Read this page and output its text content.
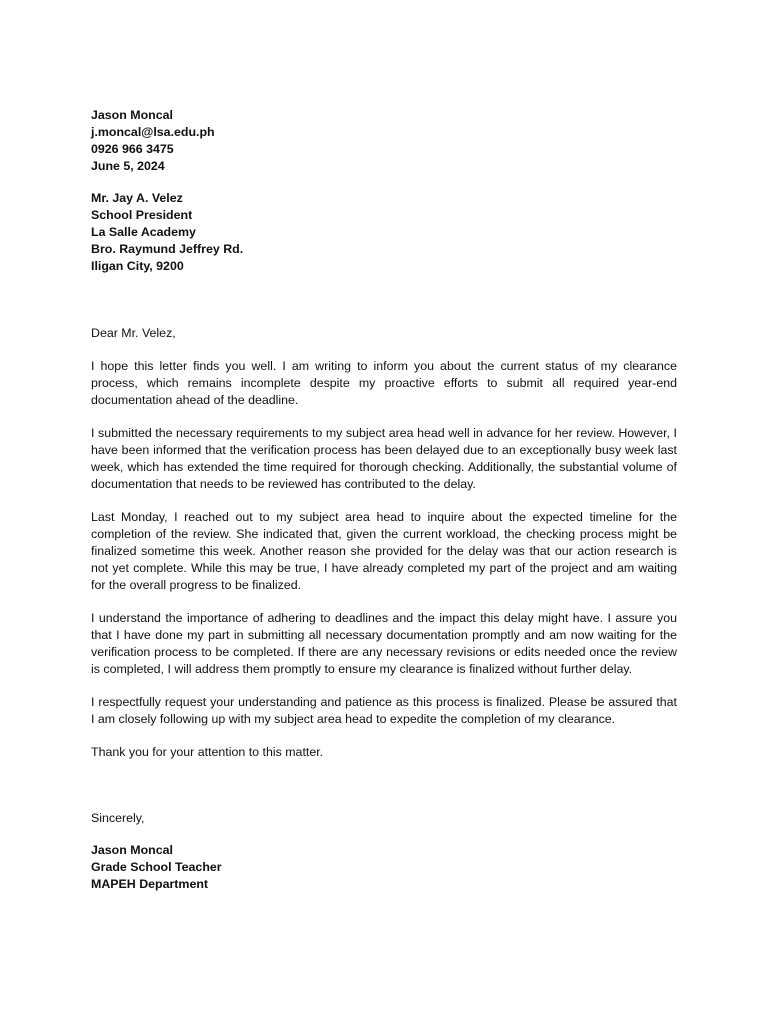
Jason Moncal

j.moncal@lsa.edu.ph

0926 966 3475

June 5, 2024

Mr. Jay A. Velez

School President

La Salle Academy

Bro. Raymund Jeffrey Rd.

Iligan City, 9200

Dear Mr. Velez,

I hope this letter finds you well. I am writing to inform you about the current status of my clearance process, which remains incomplete despite my proactive efforts to submit all required year-end documentation ahead of the deadline.

I submitted the necessary requirements to my subject area head well in advance for her review. However, I have been informed that the verification process has been delayed due to an exceptionally busy week last week, which has extended the time required for thorough checking. Additionally, the substantial volume of documentation that needs to be reviewed has contributed to the delay.

Last Monday, I reached out to my subject area head to inquire about the expected timeline for the completion of the review. She indicated that, given the current workload, the checking process might be finalized sometime this week. Another reason she provided for the delay was that our action research is not yet complete. While this may be true, I have already completed my part of the project and am waiting for the overall progress to be finalized.

I understand the importance of adhering to deadlines and the impact this delay might have. I assure you that I have done my part in submitting all necessary documentation promptly and am now waiting for the verification process to be completed. If there are any necessary revisions or edits needed once the review is completed, I will address them promptly to ensure my clearance is finalized without further delay.

I respectfully request your understanding and patience as this process is finalized. Please be assured that I am closely following up with my subject area head to expedite the completion of my clearance.

Thank you for your attention to this matter.

Sincerely,

Jason Moncal

Grade School Teacher

MAPEH Department
